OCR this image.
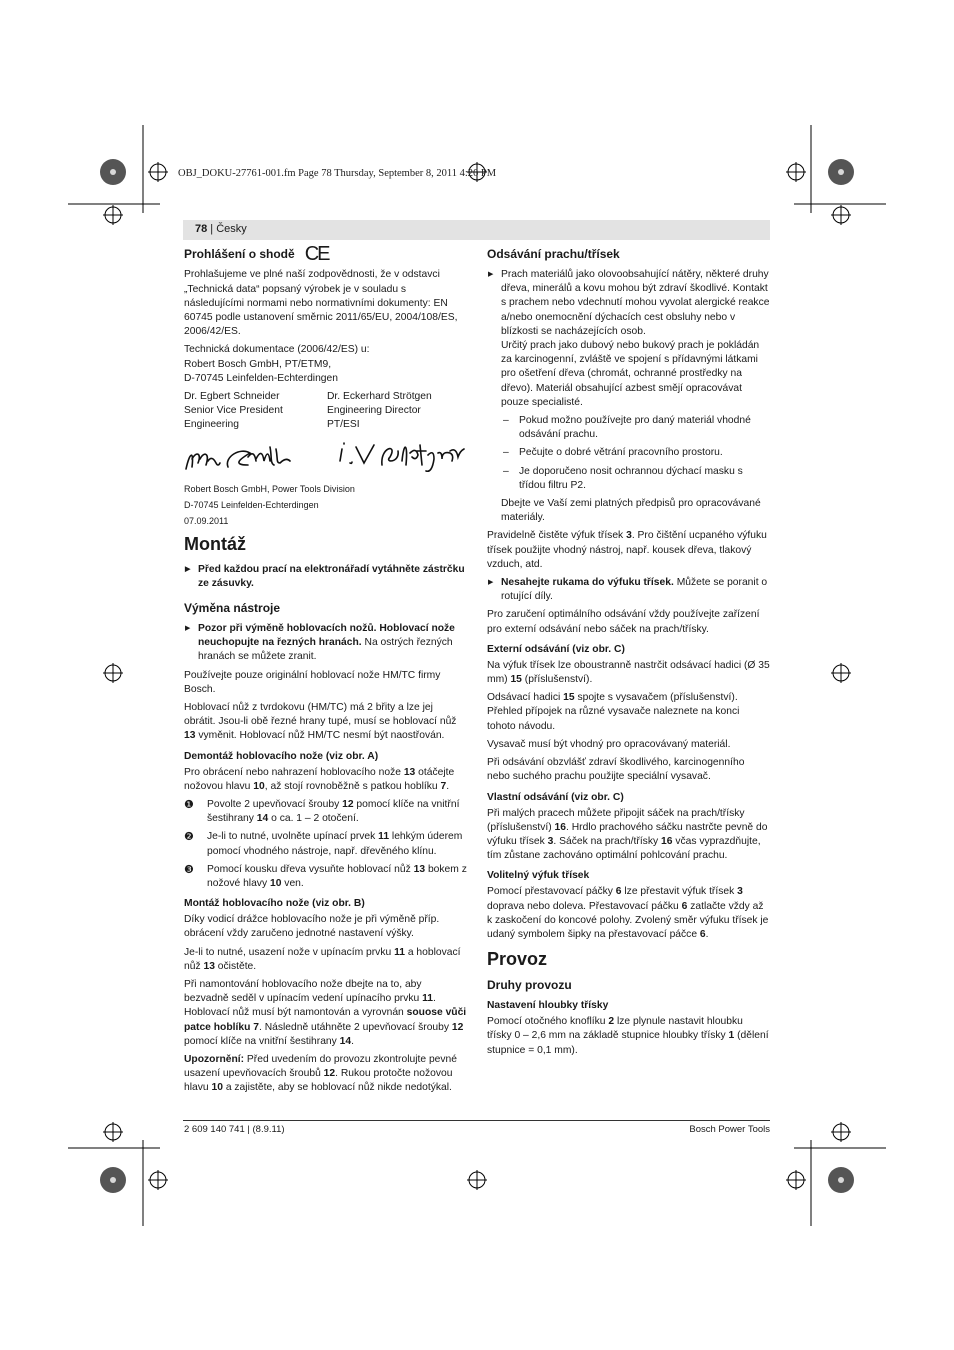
OBJ_DOKU-27761-001.fm Page 78 Thursday, September 8, 2011 4:26 PM
78 | Česky
Prohlášení o shodě CE

Prohlašujeme ve plné naší zodpovědnosti, že v odstavci „Technická data“ popsaný výrobek je v souladu s následujícími normami nebo normativními dokumenty: EN 60745 podle ustanovení směrnic 2011/65/EU, 2004/108/ES, 2006/42/ES.

Technická dokumentace (2006/42/ES) u:

Robert Bosch GmbH, PT/ETM9,

D-70745 Leinfelden-Echterdingen

Dr. Egbert Schneider
Senior Vice President
Engineering
Dr. Eckerhard Strötgen
Engineering Director
PT/ESI

Robert Bosch GmbH, Power Tools Division

D-70745 Leinfelden-Echterdingen

07.09.2011

Montáž

▶ Před každou prací na elektronářadí vytáhněte zástrčku ze zásuvky.

Výměna nástroje

▶ Pozor při výměně hoblovacích nožů. Hoblovací nože neuchopujte na řezných hranách. Na ostrých řezných hranách se můžete zranit.

Používejte pouze originální hoblovací nože HM/TC firmy Bosch.

Hoblovací nůž z tvrdokovu (HM/TC) má 2 břity a lze jej obrátit. Jsou-li obě řezné hrany tupé, musí se hoblovací nůž 13 vyměnit. Hoblovací nůž HM/TC nesmí být naostřován.

Demontáž hoblovacího nože (viz obr. A)

Pro obrácení nebo nahrazení hoblovacího nože 13 otáčejte nožovou hlavu 10, až stojí rovnoběžně s patkou hoblíku 7.

❶ Povolte 2 upevňovací šrouby 12 pomocí klíče na vnitřní šestihrany 14 o ca. 1 – 2 otočení.

❷ Je-li to nutné, uvolněte upínací prvek 11 lehkým úderem pomocí vhodného nástroje, např. dřevěného klínu.

❸ Pomocí kousku dřeva vysuňte hoblovací nůž 13 bokem z nožové hlavy 10 ven.

Montáž hoblovacího nože (viz obr. B)

Díky vodicí drážce hoblovacího nože je při výměně příp. obrácení vždy zaručeno jednotné nastavení výšky.

Je-li to nutné, usazení nože v upínacím prvku 11 a hoblovací nůž 13 očistěte.

Při namontování hoblovacího nože dbejte na to, aby bezvadně seděl v upínacím vedení upínacího prvku 11. Hoblovací nůž musí být namontován a vyrovnán souose vůči patce hoblíku 7. Následně utáhněte 2 upevňovací šrouby 12 pomocí klíče na vnitřní šestihrany 14.

Upozornění: Před uvedením do provozu zkontrolujte pevné usazení upevňovacích šroubů 12. Rukou protočte nožovou hlavu 10 a zajistěte, aby se hoblovací nůž nikde nedotýkal.

Odsávání prachu/třísek

▶ Prach materiálů jako olovoobsahující nátěry, některé druhy dřeva, minerálů a kovu mohou být zdraví škodlivé. Kontakt s prachem nebo vdechnutí mohou vyvolat alergické reakce a/nebo onemocnění dýchacích cest obsluhy nebo v blízkosti se nacházejících osob.

Určitý prach jako dubový nebo bukový prach je pokládán za karcinogenní, zvláště ve spojení s přídavnými látkami pro ošetření dřeva (chromát, ochranné prostředky na dřevo). Materiál obsahující azbest smějí opracovávat pouze specialisté.

– Pokud možno používejte pro daný materiál vhodné odsávání prachu.

– Pečujte o dobré větrání pracovního prostoru.

– Je doporučeno nosit ochrannou dýchací masku s třídou filtru P2.

Dbejte ve Vaší zemi platných předpisů pro opracovávané materiály.

Pravidelně čistěte výfuk třísek 3. Pro čištění ucpaného výfuku třísek použijte vhodný nástroj, např. kousek dřeva, tlakový vzduch, atd.

▶ Nesahejte rukama do výfuku třísek. Můžete se poranit o rotující díly.

Pro zaručení optimálního odsávání vždy používejte zařízení pro externí odsávání nebo sáček na prach/třísky.

Externí odsávání (viz obr. C)

Na výfuk třísek lze oboustranně nastrčit odsávací hadici (Ø 35 mm) 15 (příslušenství).

Odsávací hadici 15 spojte s vysavačem (příslušenství). Přehled přípojek na různé vysavače naleznete na konci tohoto návodu.

Vysavač musí být vhodný pro opracovávaný materiál.

Při odsávání obzvlášť zdraví škodlivého, karcinogenního nebo suchého prachu použijte speciální vysavač.

Vlastní odsávání (viz obr. C)

Při malých pracech můžete připojit sáček na prach/třísky (příslušenství) 16. Hrdlo prachového sáčku nastrčte pevně do výfuku třísek 3. Sáček na prach/třísky 16 včas vyprazdňujte, tím zůstane zachováno optimální pohlcování prachu.

Volitelný výfuk třísek

Pomocí přestavovací páčky 6 lze přestavit výfuk třísek 3 doprava nebo doleva. Přestavovací páčku 6 zatlačte vždy až k zaskočení do koncové polohy. Zvolený směr výfuku třísek je udaný symbolem šipky na přestavovací páčce 6.

Provoz
Druhy provozu
Nastavení hloubky třísky

Pomocí otočného knoflíku 2 lze plynule nastavit hloubku třísky 0 – 2,6 mm na základě stupnice hloubky třísky 1 (dělení stupnice = 0,1 mm).

2 609 140 741 | (8.9.11)	Bosch Power Tools
